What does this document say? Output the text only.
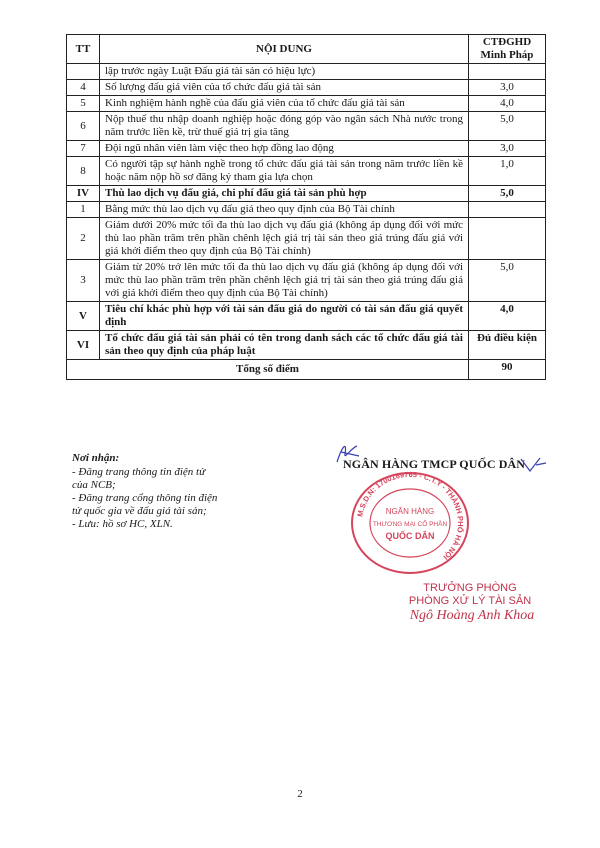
TT	NỘI DUNG	CTĐGHD
Minh Pháp
	lập trước ngày Luật Đấu giá tài sản có hiệu lực)	
4	Số lượng đấu giá viên của tổ chức đấu giá tài sản	3,0
5	Kinh nghiệm hành nghề của đấu giá viên của tổ chức đấu giá tài sản	4,0
6	Nộp thuế thu nhập doanh nghiệp hoặc đóng góp vào ngân sách Nhà nước trong năm trước liền kề, trừ thuế giá trị gia tăng	5,0
7	Đội ngũ nhân viên làm việc theo hợp đồng lao động	3,0
8	Có người tập sự hành nghề trong tổ chức đấu giá tài sản trong năm trước liền kề hoặc năm nộp hồ sơ đăng ký tham gia lựa chọn	1,0
IV	Thù lao dịch vụ đấu giá, chi phí đấu giá tài sản phù hợp	5,0
1	Bằng mức thù lao dịch vụ đấu giá theo quy định của Bộ Tài chính	
2	Giảm dưới 20% mức tối đa thù lao dịch vụ đấu giá (không áp dụng đối với mức thù lao phần trăm trên phần chênh lệch giá trị tài sản theo giá trúng đấu giá với giá khởi điểm theo quy định của Bộ Tài chính)	
3	Giảm từ 20% trở lên mức tối đa thù lao dịch vụ đấu giá (không áp dụng đối với mức thù lao phần trăm trên phần chênh lệch giá trị tài sản theo giá trúng đấu giá với giá khởi điểm theo quy định của Bộ Tài chính)	5,0
V	Tiêu chí khác phù hợp với tài sản đấu giá do người có tài sản đấu giá quyết định	4,0
VI	Tổ chức đấu giá tài sản phải có tên trong danh sách các tổ chức đấu giá tài sản theo quy định của pháp luật	Đủ điều kiện
Tổng số điểm		90
Nơi nhận:
- Đăng trang thông tin điện tử của NCB;
- Đăng trang cổng thông tin điện tử quốc gia về đấu giá tài sản;
- Lưu: hồ sơ HC, XLN.
NGÂN HÀNG TMCP QUỐC DÂN
M.S.D.N: 1700169765 - C.T.Y - THÀNH PHỐ HÀ NỘI
NGÂN HÀNG
THƯƠNG MẠI CỔ PHẦN
QUỐC DÂN
TRƯỞNG PHÒNG
PHÒNG XỬ LÝ TÀI SẢN
Ngô Hoàng Anh Khoa
2
